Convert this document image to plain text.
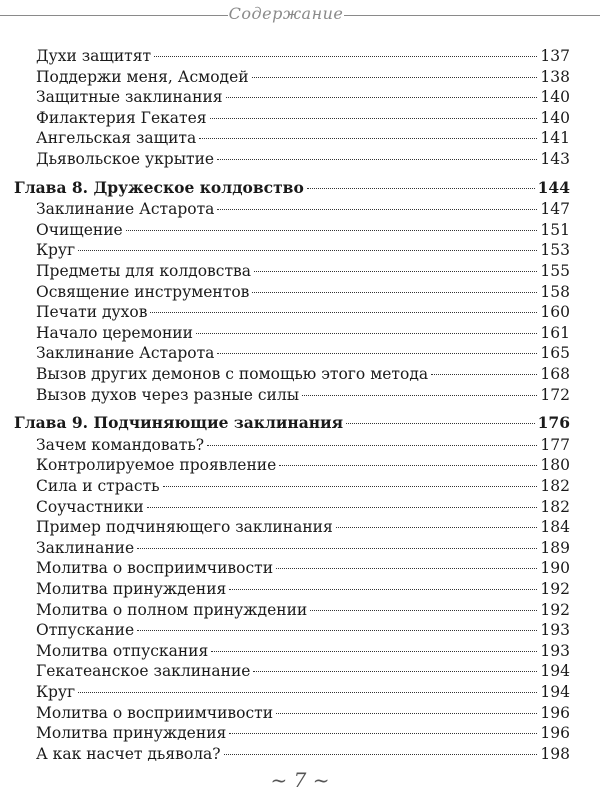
Содержание
Духи защитят	137
Поддержи меня, Асмодей	138
Защитные заклинания	140
Филактерия Гекатея	140
Ангельская защита	141
Дьявольское укрытие	143
Глава 8. Дружеское колдовство	144
Заклинание Астарота	147
Очищение	151
Круг	153
Предметы для колдовства	155
Освящение инструментов	158
Печати духов	160
Начало церемонии	161
Заклинание Астарота	165
Вызов других демонов с помощью этого метода	168
Вызов духов через разные силы	172
Глава 9. Подчиняющие заклинания	176
Зачем командовать?	177
Контролируемое проявление	180
Сила и страсть	182
Соучастники	182
Пример подчиняющего заклинания	184
Заклинание	189
Молитва о восприимчивости	190
Молитва принуждения	192
Молитва о полном принуждении	192
Отпускание	193
Молитва отпускания	193
Гекатеанское заклинание	194
Круг	194
Молитва о восприимчивости	196
Молитва принуждения	196
А как насчет дьявола?	198
~ 7 ~
